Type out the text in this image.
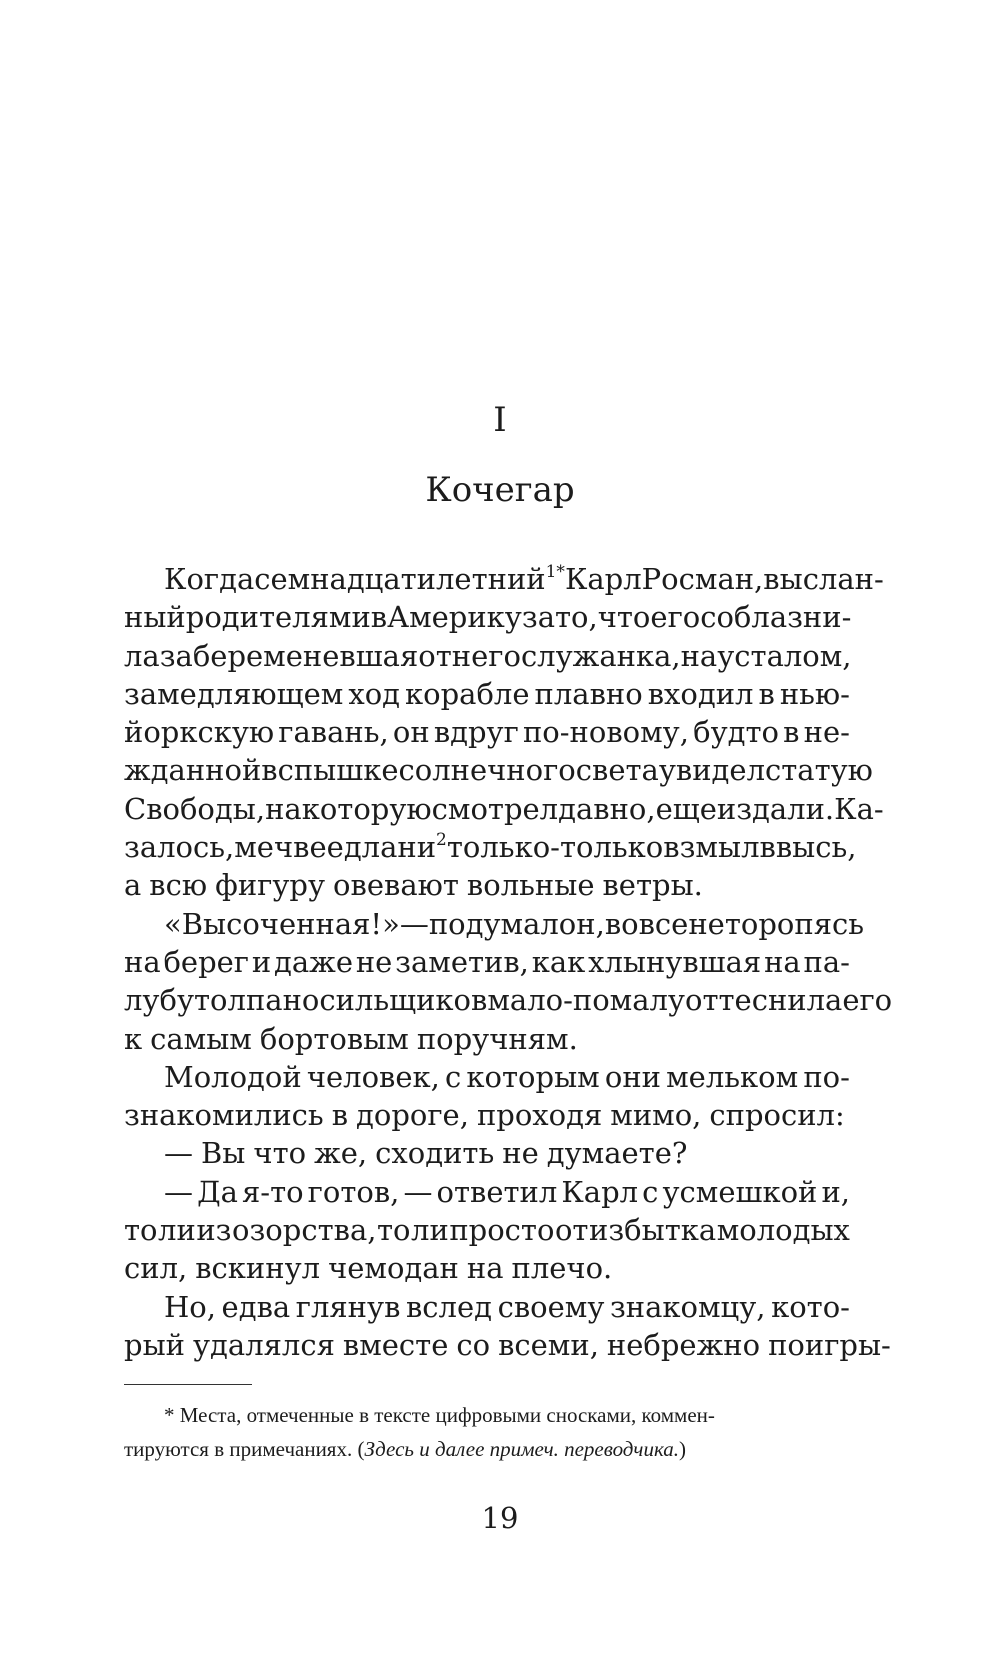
I
Кочегар
Когда семнадцатилетний$^{1*}$ Карл Росман, выслан-
ный родителями в Америку за то, что его соблазни-
ла забеременевшая от него служанка, на усталом,
замедляющем ход корабле плавно входил в нью-
йоркскую гавань, он вдруг по-новому, будто в не-
жданной вспышке солнечного света увидел статую
Свободы, на которую смотрел давно, еще издали. Ка-
залось, меч в ее длани$^2$ только-только взмыл ввысь,
а всю фигуру овевают вольные ветры.
«Высоченная!» — подумал он, вовсе не торопясь
на берег и даже не заметив, как хлынувшая на па-
лубу толпа носильщиков мало-помалу оттеснила его
к самым бортовым поручням.
Молодой человек, с которым они мельком по-
знакомились в дороге, проходя мимо, спросил:
— Вы что же, сходить не думаете?
— Да я-то готов, — ответил Карл с усмешкой и,
то ли из озорства, то ли просто от избытка молодых
сил, вскинул чемодан на плечо.
Но, едва глянув вслед своему знакомцу, кото-
рый удалялся вместе со всеми, небрежно поигры-
* Места, отмеченные в тексте цифровыми сносками, коммен-
тируются в примечаниях. (Здесь и далее примеч. переводчика.)
19
